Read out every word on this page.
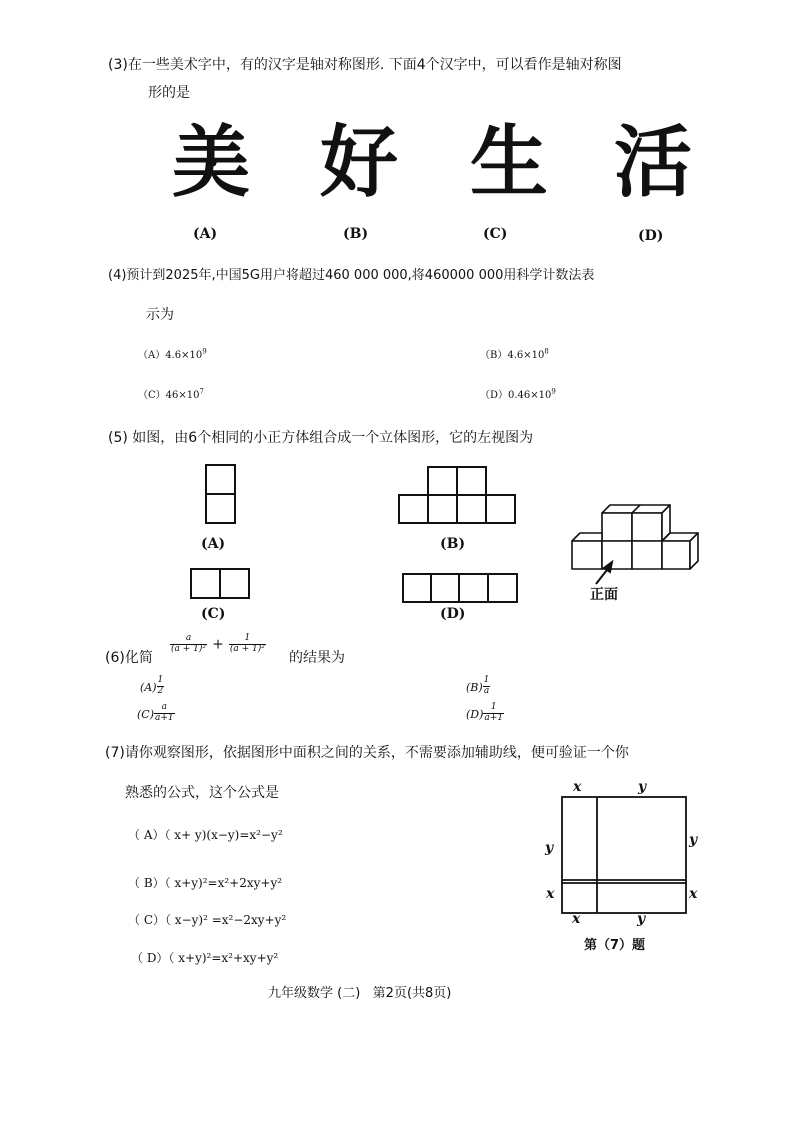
(3)在一些美术字中，有的汉字是轴对称图形. 下面4个汉字中，可以看作是轴对称图
形的是
美 好 生 活
(A)	(B)	(C)	(D)
(4)预计到2025年,中国5G用户将超过460 000 000,将460000 000用科学计数法表
示为
$(A)4.6\times 10^9$	$(B)4.6\times 10^8$
$(C)46\times 10^7$	$(D)0.46\times 10^9$
(5) 如图，由6个相同的小正方体组合成一个立体图形，它的左视图为
(A)	(B)
(C)	(D)
正面
(6)化简
$\frac{a}{\text{(a + 1)²}} + \frac{1}{\text{(a + 1)²}}$
的结果为
$(A) \frac{1}{2}$	$(B) \frac{1}{a}$
$(C) \frac{a}{a+1}$	$(D) \frac{1}{a+1}$
(7)请你观察图形，依据图形中面积之间的关系，不需要添加辅助线，便可验证一个你
熟悉的公式，这个公式是
（ A）（ x+ y)(x−y)=x²−y²
（ B）（ x+y)²=x²+2xy+y²
（ C）（ x−y)² =x²−2xy+y²
（ D）（ x+y)²=x²+xy+y²
x	y
y	y
x	x
x	y
第（7）题
九年级数学 (二)   第2页(共8页)
